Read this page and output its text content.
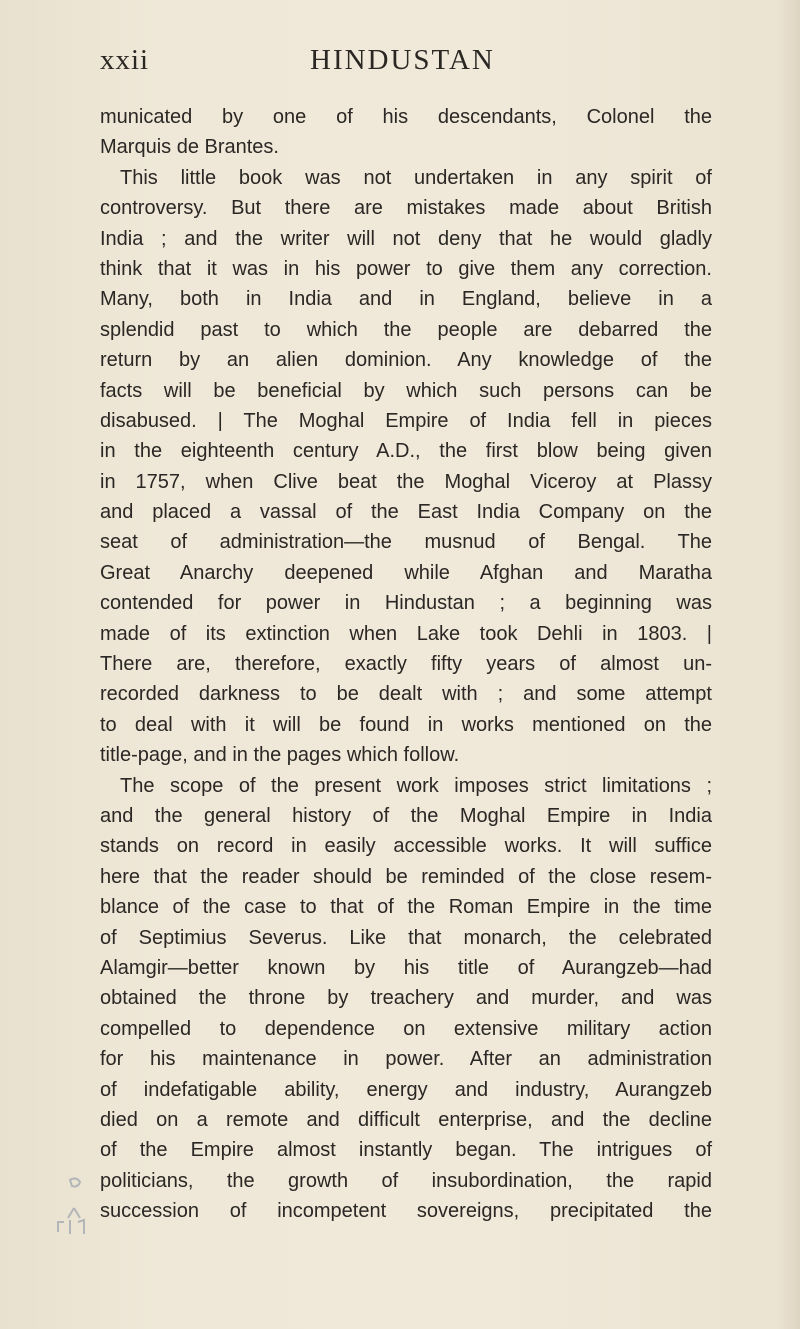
xxii	HINDUSTAN
municated by one of his descendants, Colonel the
Marquis de Brantes.
This little book was not undertaken in any spirit of
controversy. But there are mistakes made about British
India ; and the writer will not deny that he would gladly
think that it was in his power to give them any correction.
Many, both in India and in England, believe in a
splendid past to which the people are debarred the
return by an alien dominion. Any knowledge of the
facts will be beneficial by which such persons can be
disabused. | The Moghal Empire of India fell in pieces
in the eighteenth century A.D., the first blow being given
in 1757, when Clive beat the Moghal Viceroy at Plassy
and placed a vassal of the East India Company on the
seat of administration—the musnud of Bengal. The
Great Anarchy deepened while Afghan and Maratha
contended for power in Hindustan ; a beginning was
made of its extinction when Lake took Dehli in 1803. |
There are, therefore, exactly fifty years of almost un-
recorded darkness to be dealt with ; and some attempt
to deal with it will be found in works mentioned on the
title-page, and in the pages which follow.
The scope of the present work imposes strict limitations ;
and the general history of the Moghal Empire in India
stands on record in easily accessible works. It will suffice
here that the reader should be reminded of the close resem-
blance of the case to that of the Roman Empire in the time
of Septimius Severus. Like that monarch, the celebrated
Alamgir—better known by his title of Aurangzeb—had
obtained the throne by treachery and murder, and was
compelled to dependence on extensive military action
for his maintenance in power. After an administration
of indefatigable ability, energy and industry, Aurangzeb
died on a remote and difficult enterprise, and the decline
of the Empire almost instantly began. The intrigues of
politicians, the growth of insubordination, the rapid
succession of incompetent sovereigns, precipitated the
